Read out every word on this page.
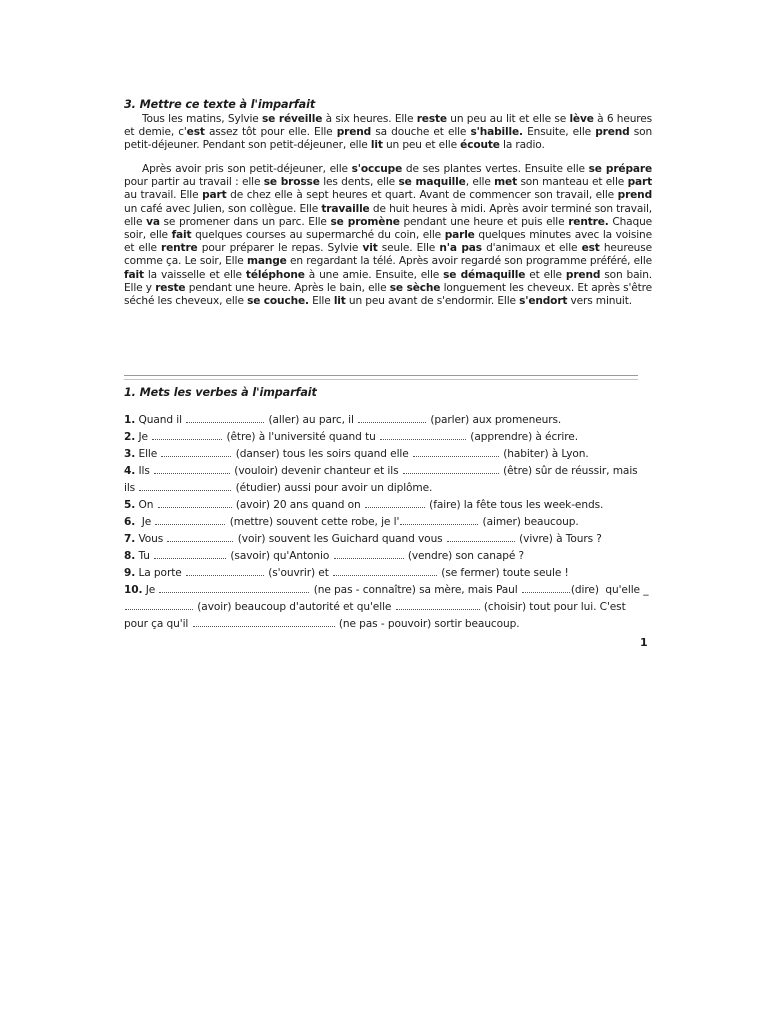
3. Mettre ce texte à l'imparfait

Tous les matins, Sylvie se réveille à six heures. Elle reste un peu au lit et elle se lève à 6 heures et demie, c'est assez tôt pour elle. Elle prend sa douche et elle s'habille. Ensuite, elle prend son petit-déjeuner. Pendant son petit-déjeuner, elle lit un peu et elle écoute la radio.

Après avoir pris son petit-déjeuner, elle s'occupe de ses plantes vertes. Ensuite elle se prépare pour partir au travail : elle se brosse les dents, elle se maquille, elle met son manteau et elle part au travail. Elle part de chez elle à sept heures et quart. Avant de commencer son travail, elle prend un café avec Julien, son collègue. Elle travaille de huit heures à midi. Après avoir terminé son travail, elle va se promener dans un parc. Elle se promène pendant une heure et puis elle rentre. Chaque soir, elle fait quelques courses au supermarché du coin, elle parle quelques minutes avec la voisine et elle rentre pour préparer le repas. Sylvie vit seule. Elle n'a pas d'animaux et elle est heureuse comme ça. Le soir, Elle mange en regardant la télé. Après avoir regardé son programme préféré, elle fait la vaisselle et elle téléphone à une amie. Ensuite, elle se démaquille et elle prend son bain. Elle y reste pendant une heure. Après le bain, elle se sèche longuement les cheveux. Et après s'être séché les cheveux, elle se couche. Elle lit un peu avant de s'endormir. Elle s'endort vers minuit.

1. Mets les verbes à l'imparfait
1. Quand il	(aller) au parc, il	(parler) aux promeneurs.
2. Je	(être) à l'université quand tu	(apprendre) à écrire.
3. Elle	(danser) tous les soirs quand elle	(habiter) à Lyon.
4. Ils	(vouloir) devenir chanteur et ils	(être) sûr de réussir, mais
ils	(étudier) aussi pour avoir un diplôme.
5. On	(avoir) 20 ans quand on	(faire) la fête tous les week-ends.
6.  Je	(mettre) souvent cette robe, je l'	(aimer) beaucoup.
7. Vous	(voir) souvent les Guichard quand vous	(vivre) à Tours ?
8. Tu	(savoir) qu'Antonio	(vendre) son canapé ?
9. La porte	(s'ouvrir) et	(se fermer) toute seule !
10. Je	(ne pas - connaître) sa mère, mais Paul	(dire)  qu'elle _
(avoir) beaucoup d'autorité et qu'elle	(choisir) tout pour lui. C'est
pour ça qu'il	(ne pas - pouvoir) sortir beaucoup.
1
